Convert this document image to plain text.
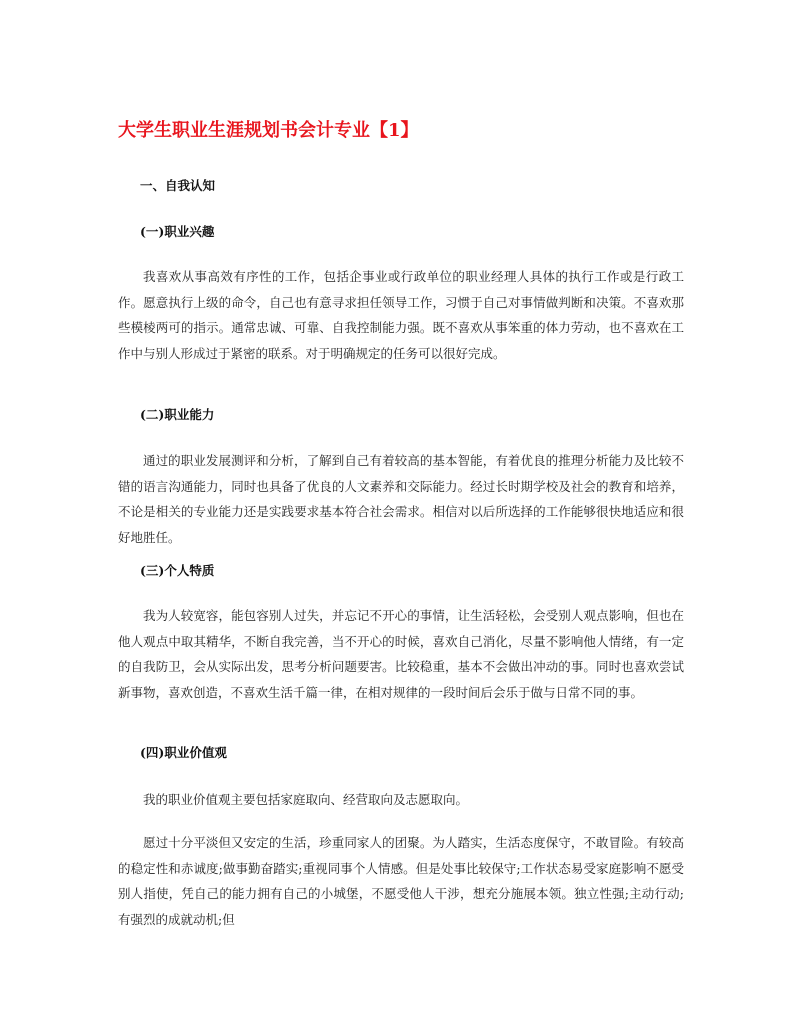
大学生职业生涯规划书会计专业【1】
一、自我认知
(一)职业兴趣
我喜欢从事高效有序性的工作，包括企事业或行政单位的职业经理人具体的执行工作或是行政工作。愿意执行上级的命令，自己也有意寻求担任领导工作，习惯于自己对事情做判断和决策。不喜欢那些模棱两可的指示。通常忠诚、可靠、自我控制能力强。既不喜欢从事笨重的体力劳动，也不喜欢在工作中与别人形成过于紧密的联系。对于明确规定的任务可以很好完成。
(二)职业能力
通过的职业发展测评和分析，了解到自己有着较高的基本智能，有着优良的推理分析能力及比较不错的语言沟通能力，同时也具备了优良的人文素养和交际能力。经过长时期学校及社会的教育和培养，不论是相关的专业能力还是实践要求基本符合社会需求。相信对以后所选择的工作能够很快地适应和很好地胜任。
(三)个人特质
我为人较宽容，能包容别人过失，并忘记不开心的事情，让生活轻松，会受别人观点影响，但也在他人观点中取其精华，不断自我完善，当不开心的时候，喜欢自己消化，尽量不影响他人情绪，有一定的自我防卫，会从实际出发，思考分析问题要害。比较稳重，基本不会做出冲动的事。同时也喜欢尝试新事物，喜欢创造，不喜欢生活千篇一律，在相对规律的一段时间后会乐于做与日常不同的事。
(四)职业价值观
我的职业价值观主要包括家庭取向、经营取向及志愿取向。
愿过十分平淡但又安定的生活，珍重同家人的团聚。为人踏实，生活态度保守，不敢冒险。有较高的稳定性和赤诚度;做事勤奋踏实;重视同事个人情感。但是处事比较保守;工作状态易受家庭影响不愿受别人指使，凭自己的能力拥有自己的小城堡，不愿受他人干涉，想充分施展本领。独立性强;主动行动;有强烈的成就动机;但
